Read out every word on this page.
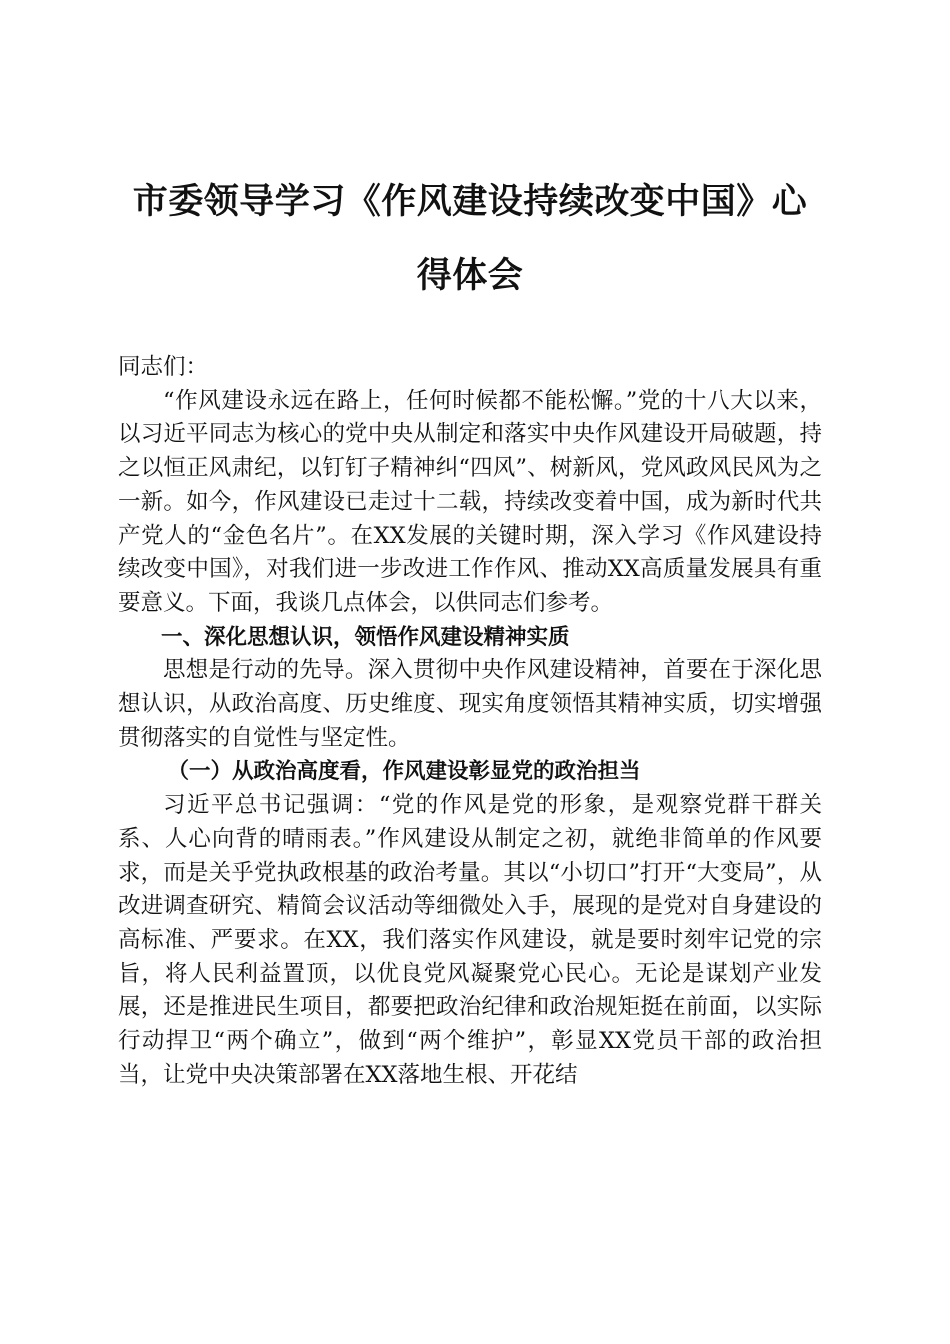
市委领导学习《作风建设持续改变中国》心得体会

同志们：

“作风建设永远在路上，任何时候都不能松懈。”党的十八大以来，以习近平同志为核心的党中央从制定和落实中央作风建设开局破题，持之以恒正风肃纪，以钉钉子精神纠“四风”、树新风，党风政风民风为之一新。如今，作风建设已走过十二载，持续改变着中国，成为新时代共产党人的“金色名片”。在XX发展的关键时期，深入学习《作风建设持续改变中国》，对我们进一步改进工作作风、推动XX高质量发展具有重要意义。下面，我谈几点体会，以供同志们参考。

一、深化思想认识，领悟作风建设精神实质

思想是行动的先导。深入贯彻中央作风建设精神，首要在于深化思想认识，从政治高度、历史维度、现实角度领悟其精神实质，切实增强贯彻落实的自觉性与坚定性。

（一）从政治高度看，作风建设彰显党的政治担当

习近平总书记强调：“党的作风是党的形象，是观察党群干群关系、人心向背的晴雨表。”作风建设从制定之初，就绝非简单的作风要求，而是关乎党执政根基的政治考量。其以“小切口”打开“大变局”，从改进调查研究、精简会议活动等细微处入手，展现的是党对自身建设的高标准、严要求。在XX，我们落实作风建设，就是要时刻牢记党的宗旨，将人民利益置顶，以优良党风凝聚党心民心。无论是谋划产业发展，还是推进民生项目，都要把政治纪律和政治规矩挺在前面，以实际行动捍卫“两个确立”，做到“两个维护”，彰显XX党员干部的政治担当，让党中央决策部署在XX落地生根、开花结
